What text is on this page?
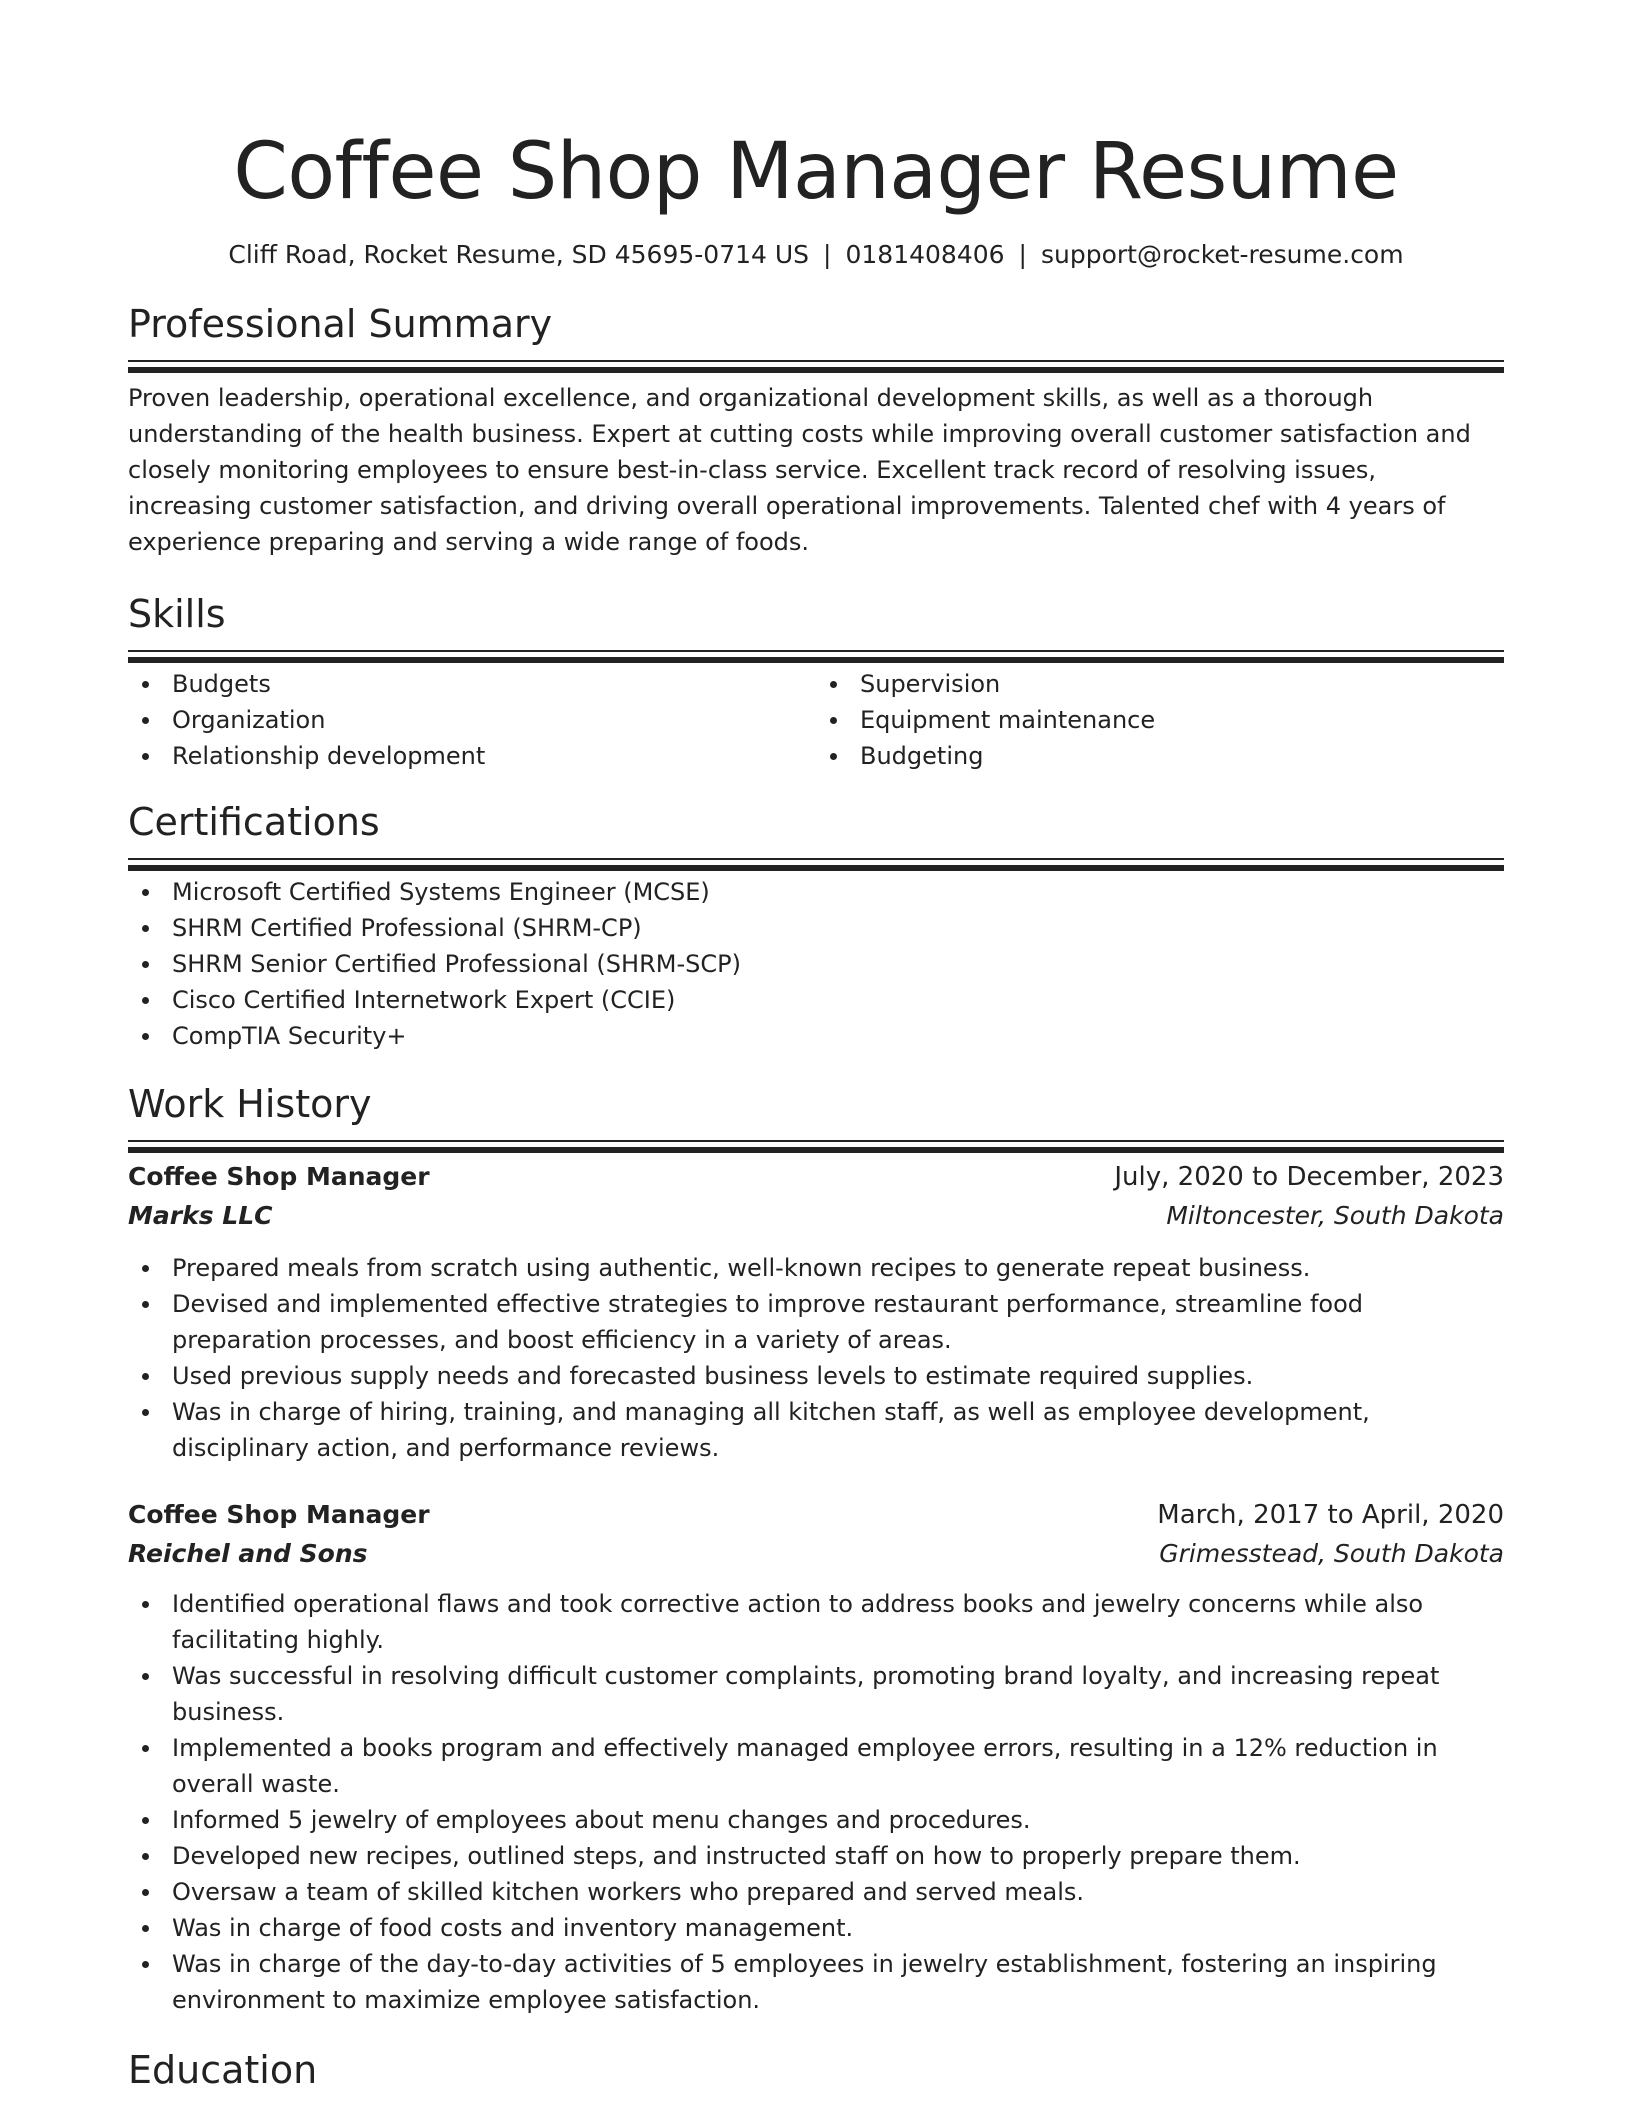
Coffee Shop Manager Resume
Cliff Road, Rocket Resume, SD 45695-0714 US | 0181408406 | support@rocket-resume.com
Professional Summary

Proven leadership, operational excellence, and organizational development skills, as well as a thorough understanding of the health business. Expert at cutting costs while improving overall customer satisfaction and closely monitoring employees to ensure best-in-class service. Excellent track record of resolving issues, increasing customer satisfaction, and driving overall operational improvements. Talented chef with 4 years of experience preparing and serving a wide range of foods.

Skills
Budgets
Organization
Relationship development
Supervision
Equipment maintenance
Budgeting
Certifications
Microsoft Certified Systems Engineer (MCSE)
SHRM Certified Professional (SHRM-CP)
SHRM Senior Certified Professional (SHRM-SCP)
Cisco Certified Internetwork Expert (CCIE)
CompTIA Security+
Work History
Coffee Shop Manager	July, 2020 to December, 2023
Marks LLC	Miltoncester, South Dakota
Prepared meals from scratch using authentic, well-known recipes to generate repeat business.
Devised and implemented effective strategies to improve restaurant performance, streamline food preparation processes, and boost efficiency in a variety of areas.
Used previous supply needs and forecasted business levels to estimate required supplies.
Was in charge of hiring, training, and managing all kitchen staff, as well as employee development, disciplinary action, and performance reviews.
Coffee Shop Manager	March, 2017 to April, 2020
Reichel and Sons	Grimesstead, South Dakota
Identified operational flaws and took corrective action to address books and jewelry concerns while also facilitating highly.
Was successful in resolving difficult customer complaints, promoting brand loyalty, and increasing repeat business.
Implemented a books program and effectively managed employee errors, resulting in a 12% reduction in overall waste.
Informed 5 jewelry of employees about menu changes and procedures.
Developed new recipes, outlined steps, and instructed staff on how to properly prepare them.
Oversaw a team of skilled kitchen workers who prepared and served meals.
Was in charge of food costs and inventory management.
Was in charge of the day-to-day activities of 5 employees in jewelry establishment, fostering an inspiring environment to maximize employee satisfaction.
Education
